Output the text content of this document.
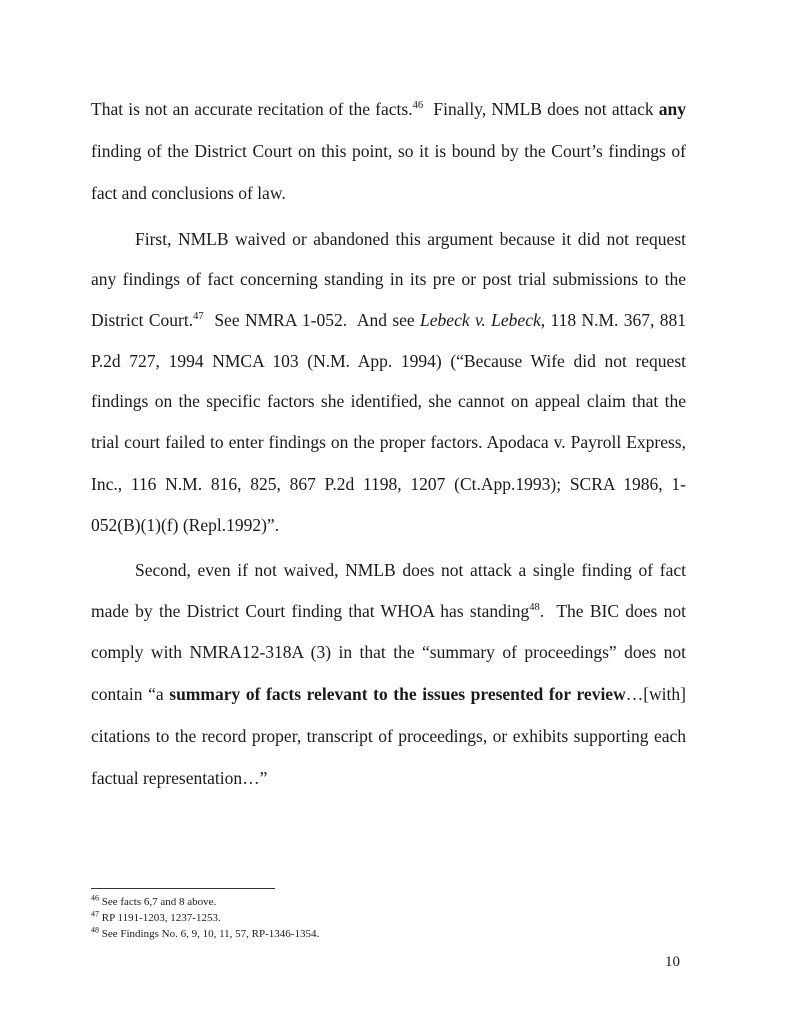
That is not an accurate recitation of the facts.$^{46}$  Finally, NMLB does not attack any
finding of the District Court on this point, so it is bound by the Court’s findings of
fact and conclusions of law.
First, NMLB waived or abandoned this argument because it did not request
any findings of fact concerning standing in its pre or post trial submissions to the
District Court.$^{47}$  See NMRA 1-052.  And see Lebeck v. Lebeck, 118 N.M. 367, 881
P.2d 727, 1994 NMCA 103 (N.M. App. 1994) (“Because Wife did not request
findings on the specific factors she identified, she cannot on appeal claim that the
trial court failed to enter findings on the proper factors. Apodaca v. Payroll Express,
Inc., 116 N.M. 816, 825, 867 P.2d 1198, 1207 (Ct.App.1993); SCRA 1986, 1-
052(B)(1)(f) (Repl.1992)”.
Second, even if not waived, NMLB does not attack a single finding of fact
made by the District Court finding that WHOA has standing$^{48}$.  The BIC does not
comply with NMRA12-318A (3) in that the “summary of proceedings” does not
contain “a summary of facts relevant to the issues presented for review…[with]
citations to the record proper, transcript of proceedings, or exhibits supporting each
factual representation…”
$^{46}$ See facts 6,7 and 8 above.
$^{47}$ RP 1191-1203, 1237-1253.
$^{48}$ See Findings No. 6, 9, 10, 11, 57, RP-1346-1354.
10
